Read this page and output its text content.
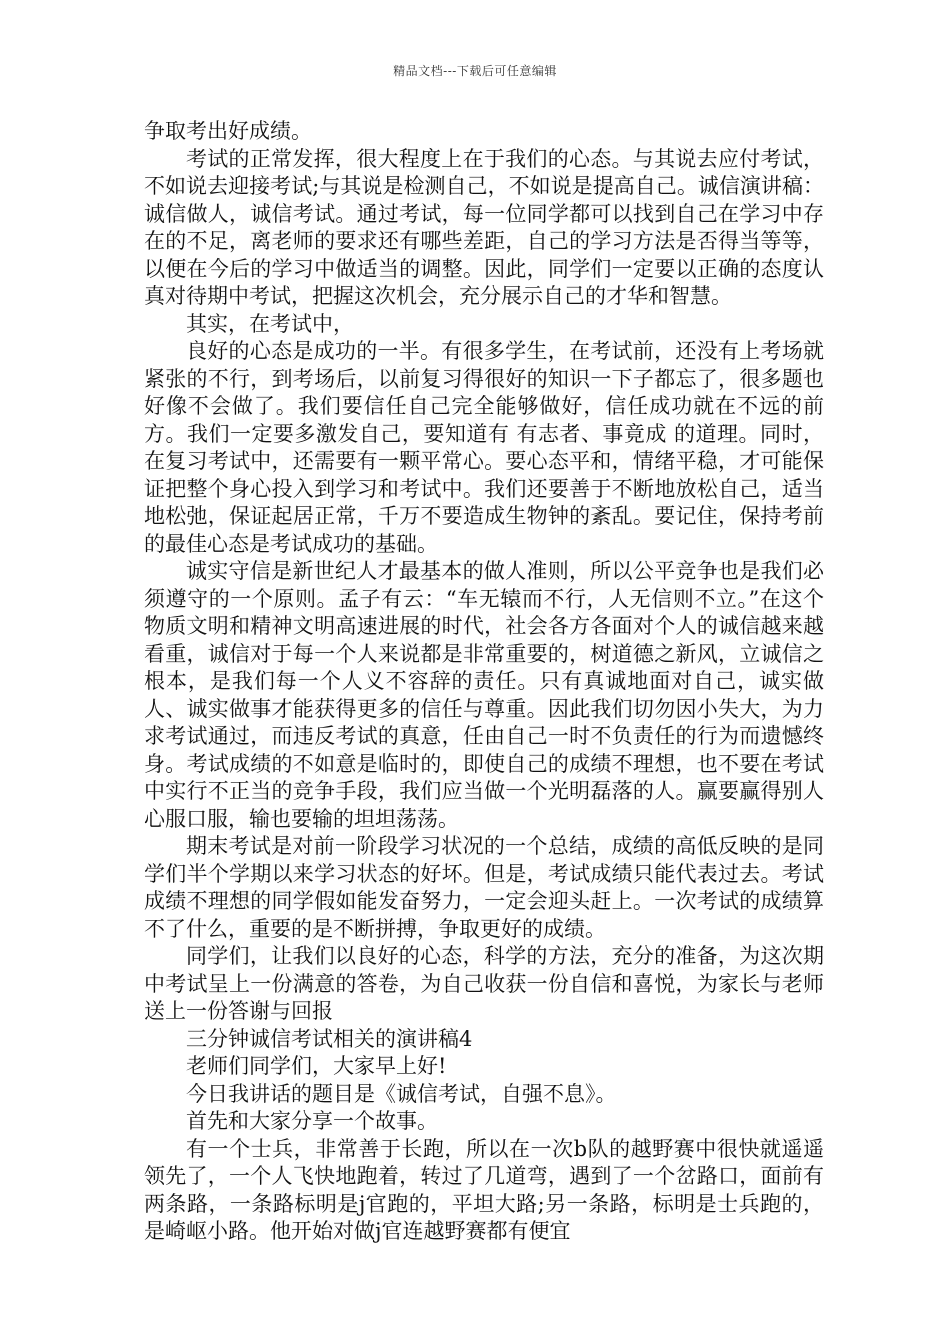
精品文档---下载后可任意编辑

争取考出好成绩。

考试的正常发挥，很大程度上在于我们的心态。与其说去应付考试，不如说去迎接考试;与其说是检测自己，不如说是提高自己。诚信演讲稿：诚信做人，诚信考试。通过考试，每一位同学都可以找到自己在学习中存在的不足，离老师的要求还有哪些差距，自己的学习方法是否得当等等，以便在今后的学习中做适当的调整。因此，同学们一定要以正确的态度认真对待期中考试，把握这次机会，充分展示自己的才华和智慧。

其实，在考试中，

良好的心态是成功的一半。有很多学生，在考试前，还没有上考场就紧张的不行，到考场后，以前复习得很好的知识一下子都忘了，很多题也好像不会做了。我们要信任自己完全能够做好，信任成功就在不远的前方。我们一定要多激发自己，要知道有 有志者、事竟成 的道理。同时，在复习考试中，还需要有一颗平常心。要心态平和，情绪平稳，才可能保证把整个身心投入到学习和考试中。我们还要善于不断地放松自己，适当地松弛，保证起居正常，千万不要造成生物钟的紊乱。要记住，保持考前的最佳心态是考试成功的基础。

诚实守信是新世纪人才最基本的做人准则，所以公平竞争也是我们必须遵守的一个原则。孟子有云：“车无辕而不行，人无信则不立。”在这个物质文明和精神文明高速进展的时代，社会各方各面对个人的诚信越来越看重，诚信对于每一个人来说都是非常重要的，树道德之新风，立诚信之根本，是我们每一个人义不容辞的责任。只有真诚地面对自己，诚实做人、诚实做事才能获得更多的信任与尊重。因此我们切勿因小失大，为力求考试通过，而违反考试的真意，任由自己一时不负责任的行为而遗憾终身。考试成绩的不如意是临时的，即使自己的成绩不理想，也不要在考试中实行不正当的竞争手段，我们应当做一个光明磊落的人。赢要赢得别人心服口服，输也要输的坦坦荡荡。

期末考试是对前一阶段学习状况的一个总结，成绩的高低反映的是同学们半个学期以来学习状态的好坏。但是，考试成绩只能代表过去。考试成绩不理想的同学假如能发奋努力，一定会迎头赶上。一次考试的成绩算不了什么，重要的是不断拼搏，争取更好的成绩。

同学们，让我们以良好的心态，科学的方法，充分的准备，为这次期中考试呈上一份满意的答卷，为自己收获一份自信和喜悦，为家长与老师送上一份答谢与回报

三分钟诚信考试相关的演讲稿4

老师们同学们，大家早上好!

今日我讲话的题目是《诚信考试，自强不息》。

首先和大家分享一个故事。

有一个士兵，非常善于长跑，所以在一次b队的越野赛中很快就遥遥领先了，一个人飞快地跑着，转过了几道弯，遇到了一个岔路口，面前有两条路，一条路标明是j官跑的，平坦大路;另一条路，标明是士兵跑的，是崎岖小路。他开始对做j官连越野赛都有便宜
